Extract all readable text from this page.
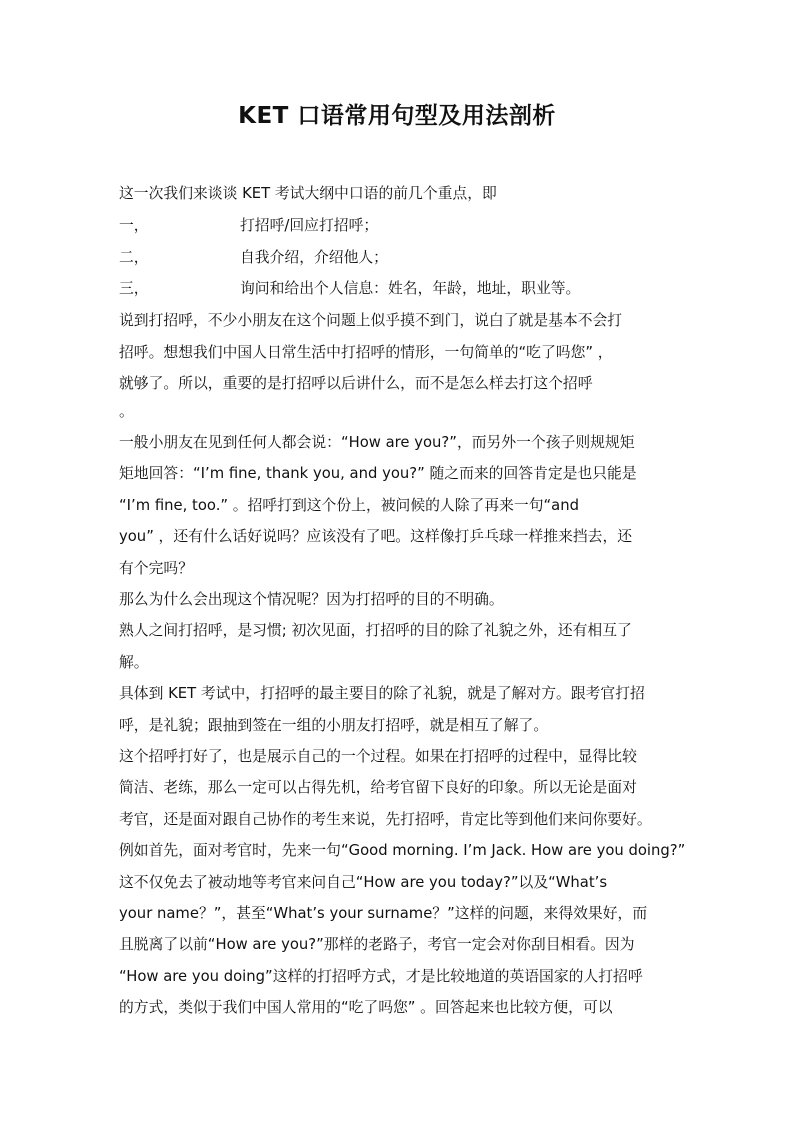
KET 口语常用句型及用法剖析
这一次我们来谈谈 KET 考试大纲中口语的前几个重点，即
一，	打招呼/回应打招呼；
二，	自我介绍，介绍他人；
三，	询问和给出个人信息：姓名，年龄，地址，职业等。
说到打招呼，不少小朋友在这个问题上似乎摸不到门，说白了就是基本不会打
招呼。想想我们中国人日常生活中打招呼的情形，一句简单的“吃了吗您” ，
就够了。所以，重要的是打招呼以后讲什么，而不是怎么样去打这个招呼
。
一般小朋友在见到任何人都会说：“How are you?”，而另外一个孩子则规规矩
矩地回答：“I’m fine, thank you, and you?” 随之而来的回答肯定是也只能是
“I’m fine, too.” 。招呼打到这个份上，被问候的人除了再来一句“and
you” ，还有什么话好说吗？应该没有了吧。这样像打乒乓球一样推来挡去，还
有个完吗？
那么为什么会出现这个情况呢？因为打招呼的目的不明确。
熟人之间打招呼，是习惯; 初次见面，打招呼的目的除了礼貌之外，还有相互了
解。
具体到 KET 考试中，打招呼的最主要目的除了礼貌，就是了解对方。跟考官打招
呼，是礼貌；跟抽到签在一组的小朋友打招呼，就是相互了解了。
这个招呼打好了，也是展示自己的一个过程。如果在打招呼的过程中，显得比较
简洁、老练，那么一定可以占得先机，给考官留下良好的印象。所以无论是面对
考官，还是面对跟自己协作的考生来说，先打招呼，肯定比等到他们来问你要好。
例如首先，面对考官时，先来一句“Good morning. I’m Jack. How are you doing?”
这不仅免去了被动地等考官来问自己“How are you today?”以及“What’s
your name？”，甚至“What’s your surname？”这样的问题，来得效果好，而
且脱离了以前“How are you?”那样的老路子，考官一定会对你刮目相看。因为
“How are you doing”这样的打招呼方式，才是比较地道的英语国家的人打招呼
的方式，类似于我们中国人常用的“吃了吗您” 。回答起来也比较方便，可以
